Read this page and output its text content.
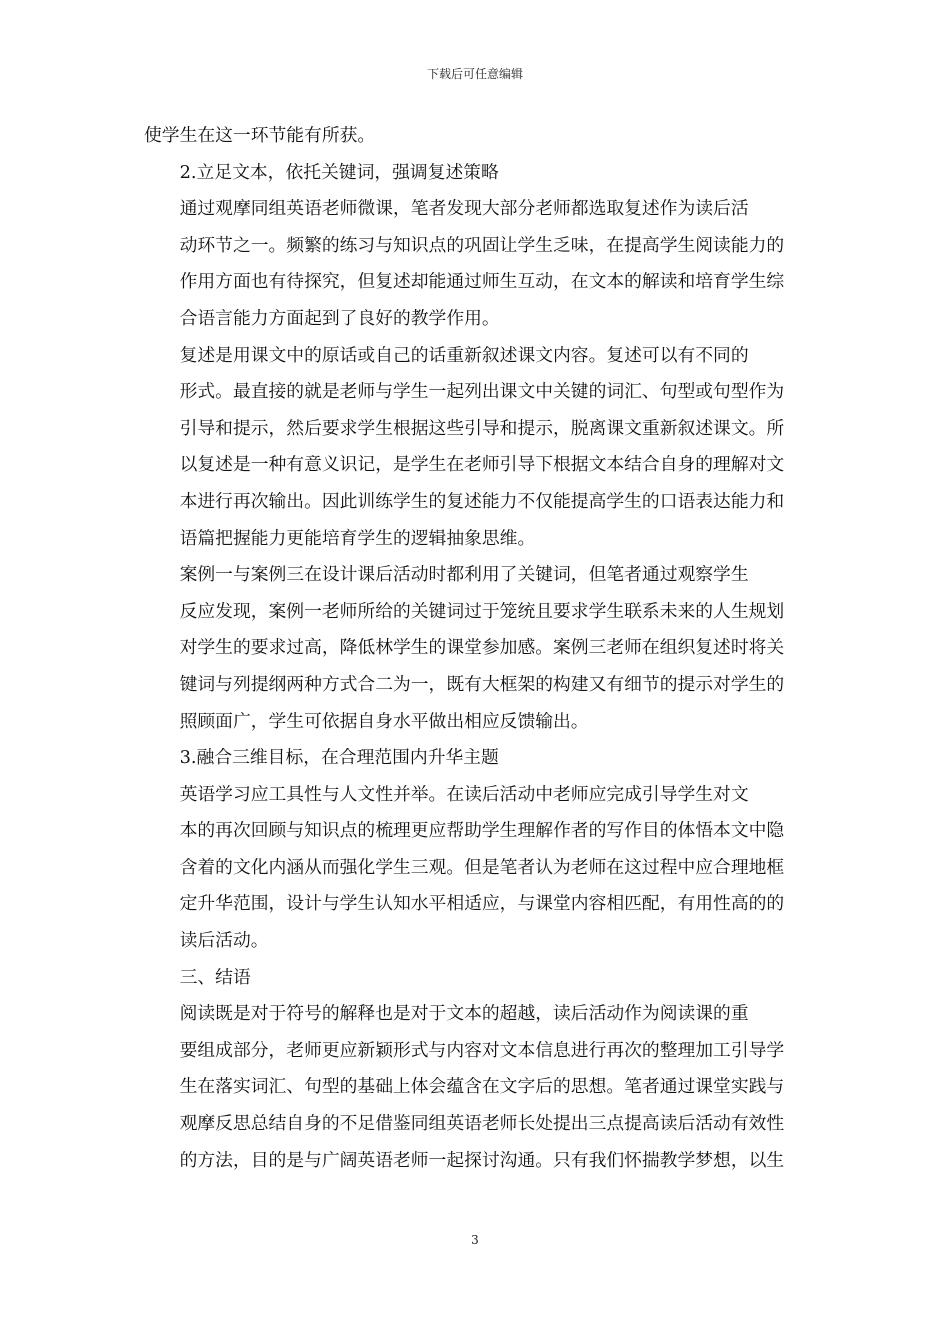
下载后可任意编辑

使学生在这一环节能有所获。

2.立足文本，依托关键词，强调复述策略

通过观摩同组英语老师微课，笔者发现大部分老师都选取复述作为读后活
动环节之一。频繁的练习与知识点的巩固让学生乏味，在提高学生阅读能力的
作用方面也有待探究，但复述却能通过师生互动，在文本的解读和培育学生综
合语言能力方面起到了良好的教学作用。

复述是用课文中的原话或自己的话重新叙述课文内容。复述可以有不同的
形式。最直接的就是老师与学生一起列出课文中关键的词汇、句型或句型作为
引导和提示，然后要求学生根据这些引导和提示，脱离课文重新叙述课文。所
以复述是一种有意义识记，是学生在老师引导下根据文本结合自身的理解对文
本进行再次输出。因此训练学生的复述能力不仅能提高学生的口语表达能力和
语篇把握能力更能培育学生的逻辑抽象思维。

案例一与案例三在设计课后活动时都利用了关键词，但笔者通过观察学生
反应发现，案例一老师所给的关键词过于笼统且要求学生联系未来的人生规划
对学生的要求过高，降低林学生的课堂参加感。案例三老师在组织复述时将关
键词与列提纲两种方式合二为一，既有大框架的构建又有细节的提示对学生的
照顾面广，学生可依据自身水平做出相应反馈输出。

3.融合三维目标，在合理范围内升华主题

英语学习应工具性与人文性并举。在读后活动中老师应完成引导学生对文
本的再次回顾与知识点的梳理更应帮助学生理解作者的写作目的体悟本文中隐
含着的文化内涵从而强化学生三观。但是笔者认为老师在这过程中应合理地框
定升华范围，设计与学生认知水平相适应，与课堂内容相匹配，有用性高的的
读后活动。

三、结语

阅读既是对于符号的解释也是对于文本的超越，读后活动作为阅读课的重
要组成部分，老师更应新颖形式与内容对文本信息进行再次的整理加工引导学
生在落实词汇、句型的基础上体会蕴含在文字后的思想。笔者通过课堂实践与
观摩反思总结自身的不足借鉴同组英语老师长处提出三点提高读后活动有效性
的方法，目的是与广阔英语老师一起探讨沟通。只有我们怀揣教学梦想，以生

3
